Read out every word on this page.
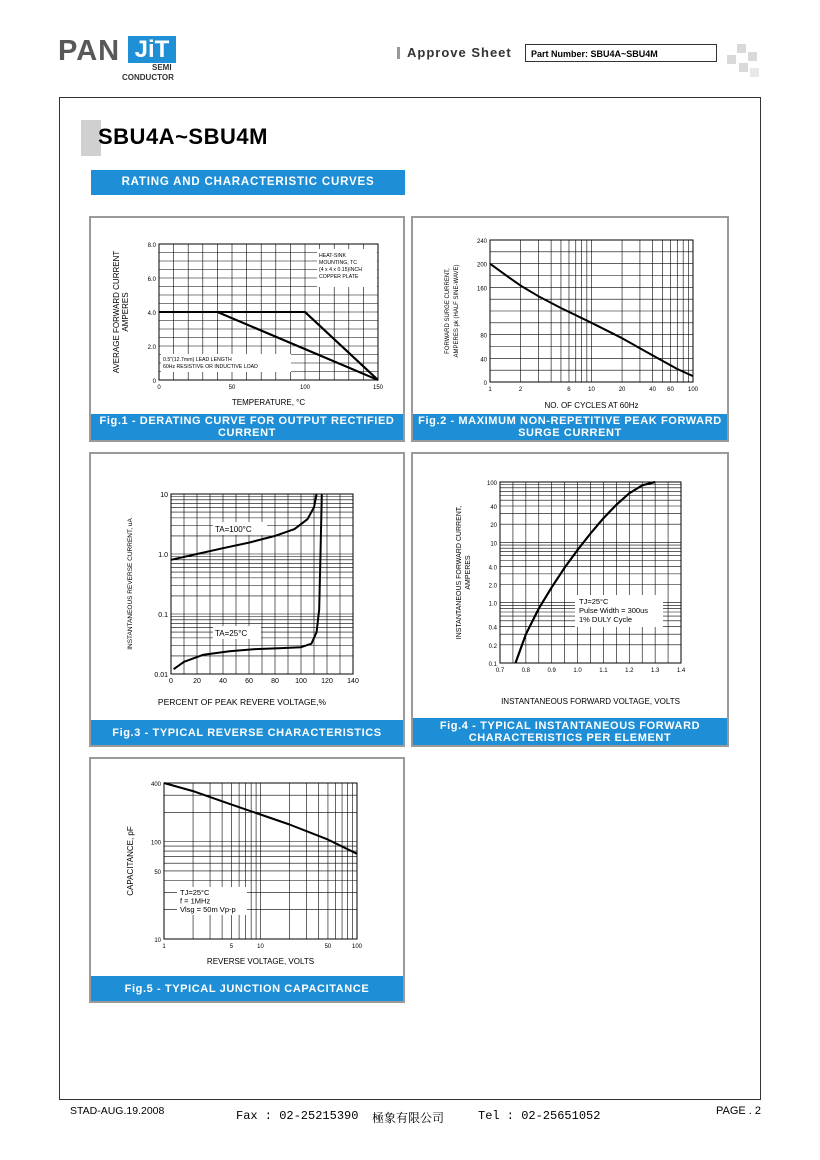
PAN JiT
SEMI
CONDUCTOR
Approve Sheet	Part Number: SBU4A~SBU4M
SBU4A~SBU4M
RATING AND CHARACTERISTIC CURVES
0	50	100	150
0
2.0
4.0
6.0
8.0
TEMPERATURE, °C
AVERAGE FORWARD CURRENT AMPERES
HEAT-SINK
MOUNTING, TC
(4 x 4 x 0.15)INCH
COPPER PLATE
0.5"(12.7mm) LEAD LENGTH
60Hz RESISTIVE OR INDUCTIVE LOAD
1	2	6	10	20	40 60 100
0
40
80
160
200
240
NO. OF CYCLES AT 60Hz
FORWARD SURGE CURRENT, AMPERES pk (HALF SINE-WAVE)
0	20	40	60	80 100 120 140
0.01
0.1
1.0
10
PERCENT OF PEAK REVERE VOLTAGE,%
INSTANTANEOUS REVERSE CURRENT, uA	TA=100°C
TA=25°C
0.7	0.8	0.9	1.0	1.1	1.2	1.3	1.4
0.1
0.2
0.4
1.0
2.0
4.0
10
20
40
100
INSTANTANEOUS FORWARD VOLTAGE, VOLTS
INSTANTANEOUS FORWARD CURRENT, AMPERES
TJ=25°C
Pulse Width = 300us
1% DULY Cycle
1	5	10	50	100
10
50
100
400
REVERSE VOLTAGE, VOLTS
CAPACITANCE, pF	TJ=25°C
f = 1MHz
Vlsg = 50m Vp-p
Fig.1 - DERATING CURVE FOR OUTPUT RECTIFIED CURRENT
Fig.2 - MAXIMUM NON-REPETITIVE PEAK FORWARD SURGE CURRENT
Fig.3 - TYPICAL REVERSE CHARACTERISTICS
Fig.4 - TYPICAL INSTANTANEOUS FORWARD CHARACTERISTICS PER ELEMENT
Fig.5 - TYPICAL JUNCTION CAPACITANCE
STAD-AUG.19.2008	Fax : 02-25215390 極象有限公司	Tel : 02-25651052	PAGE . 2
